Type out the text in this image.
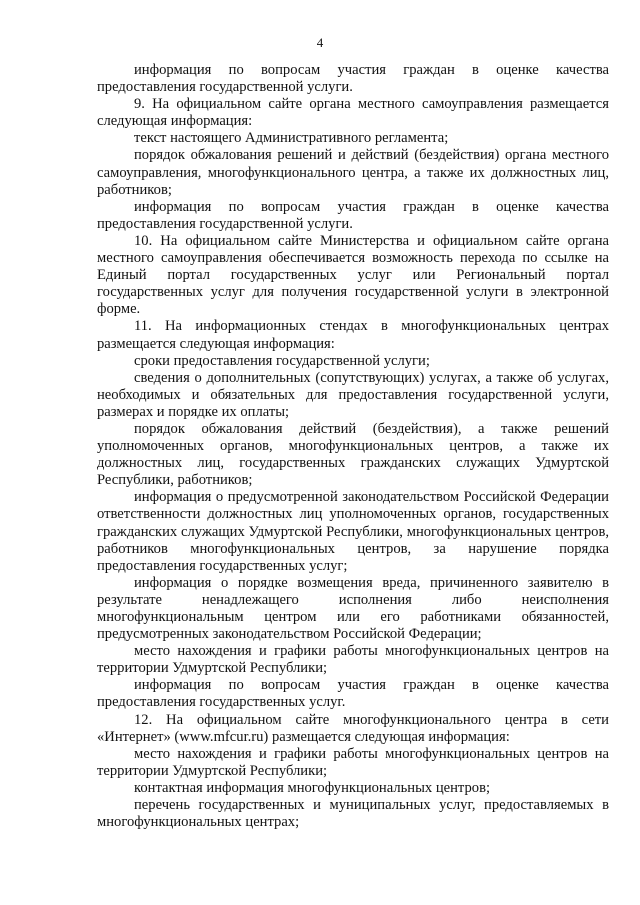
4

информация по вопросам участия граждан в оценке качества предоставления государственной услуги.

9. На официальном сайте органа местного самоуправления размещается следующая информация:

текст настоящего Административного регламента;

порядок обжалования решений и действий (бездействия) органа местного самоуправления, многофункционального центра, а также их должностных лиц, работников;

информация по вопросам участия граждан в оценке качества предоставления государственной услуги.

10. На официальном сайте Министерства и официальном сайте органа местного самоуправления обеспечивается возможность перехода по ссылке на Единый портал государственных услуг или Региональный портал государственных услуг для получения государственной услуги в электронной форме.

11. На информационных стендах в многофункциональных центрах размещается следующая информация:

сроки предоставления государственной услуги;

сведения о дополнительных (сопутствующих) услугах, а также об услугах, необходимых и обязательных для предоставления государственной услуги, размерах и порядке их оплаты;

порядок обжалования действий (бездействия), а также решений уполномоченных органов, многофункциональных центров, а также их должностных лиц, государственных гражданских служащих Удмуртской Республики, работников;

информация о предусмотренной законодательством Российской Федерации ответственности должностных лиц уполномоченных органов, государственных гражданских служащих Удмуртской Республики, многофункциональных центров, работников многофункциональных центров, за нарушение порядка предоставления государственных услуг;

информация о порядке возмещения вреда, причиненного заявителю в результате ненадлежащего исполнения либо неисполнения многофункциональным центром или его работниками обязанностей, предусмотренных законодательством Российской Федерации;

место нахождения и графики работы многофункциональных центров на территории Удмуртской Республики;

информация по вопросам участия граждан в оценке качества предоставления государственных услуг.

12. На официальном сайте многофункционального центра в сети «Интернет» (www.mfcur.ru) размещается следующая информация:

место нахождения и графики работы многофункциональных центров на территории Удмуртской Республики;

контактная информация многофункциональных центров;

перечень государственных и муниципальных услуг, предоставляемых в многофункциональных центрах;
